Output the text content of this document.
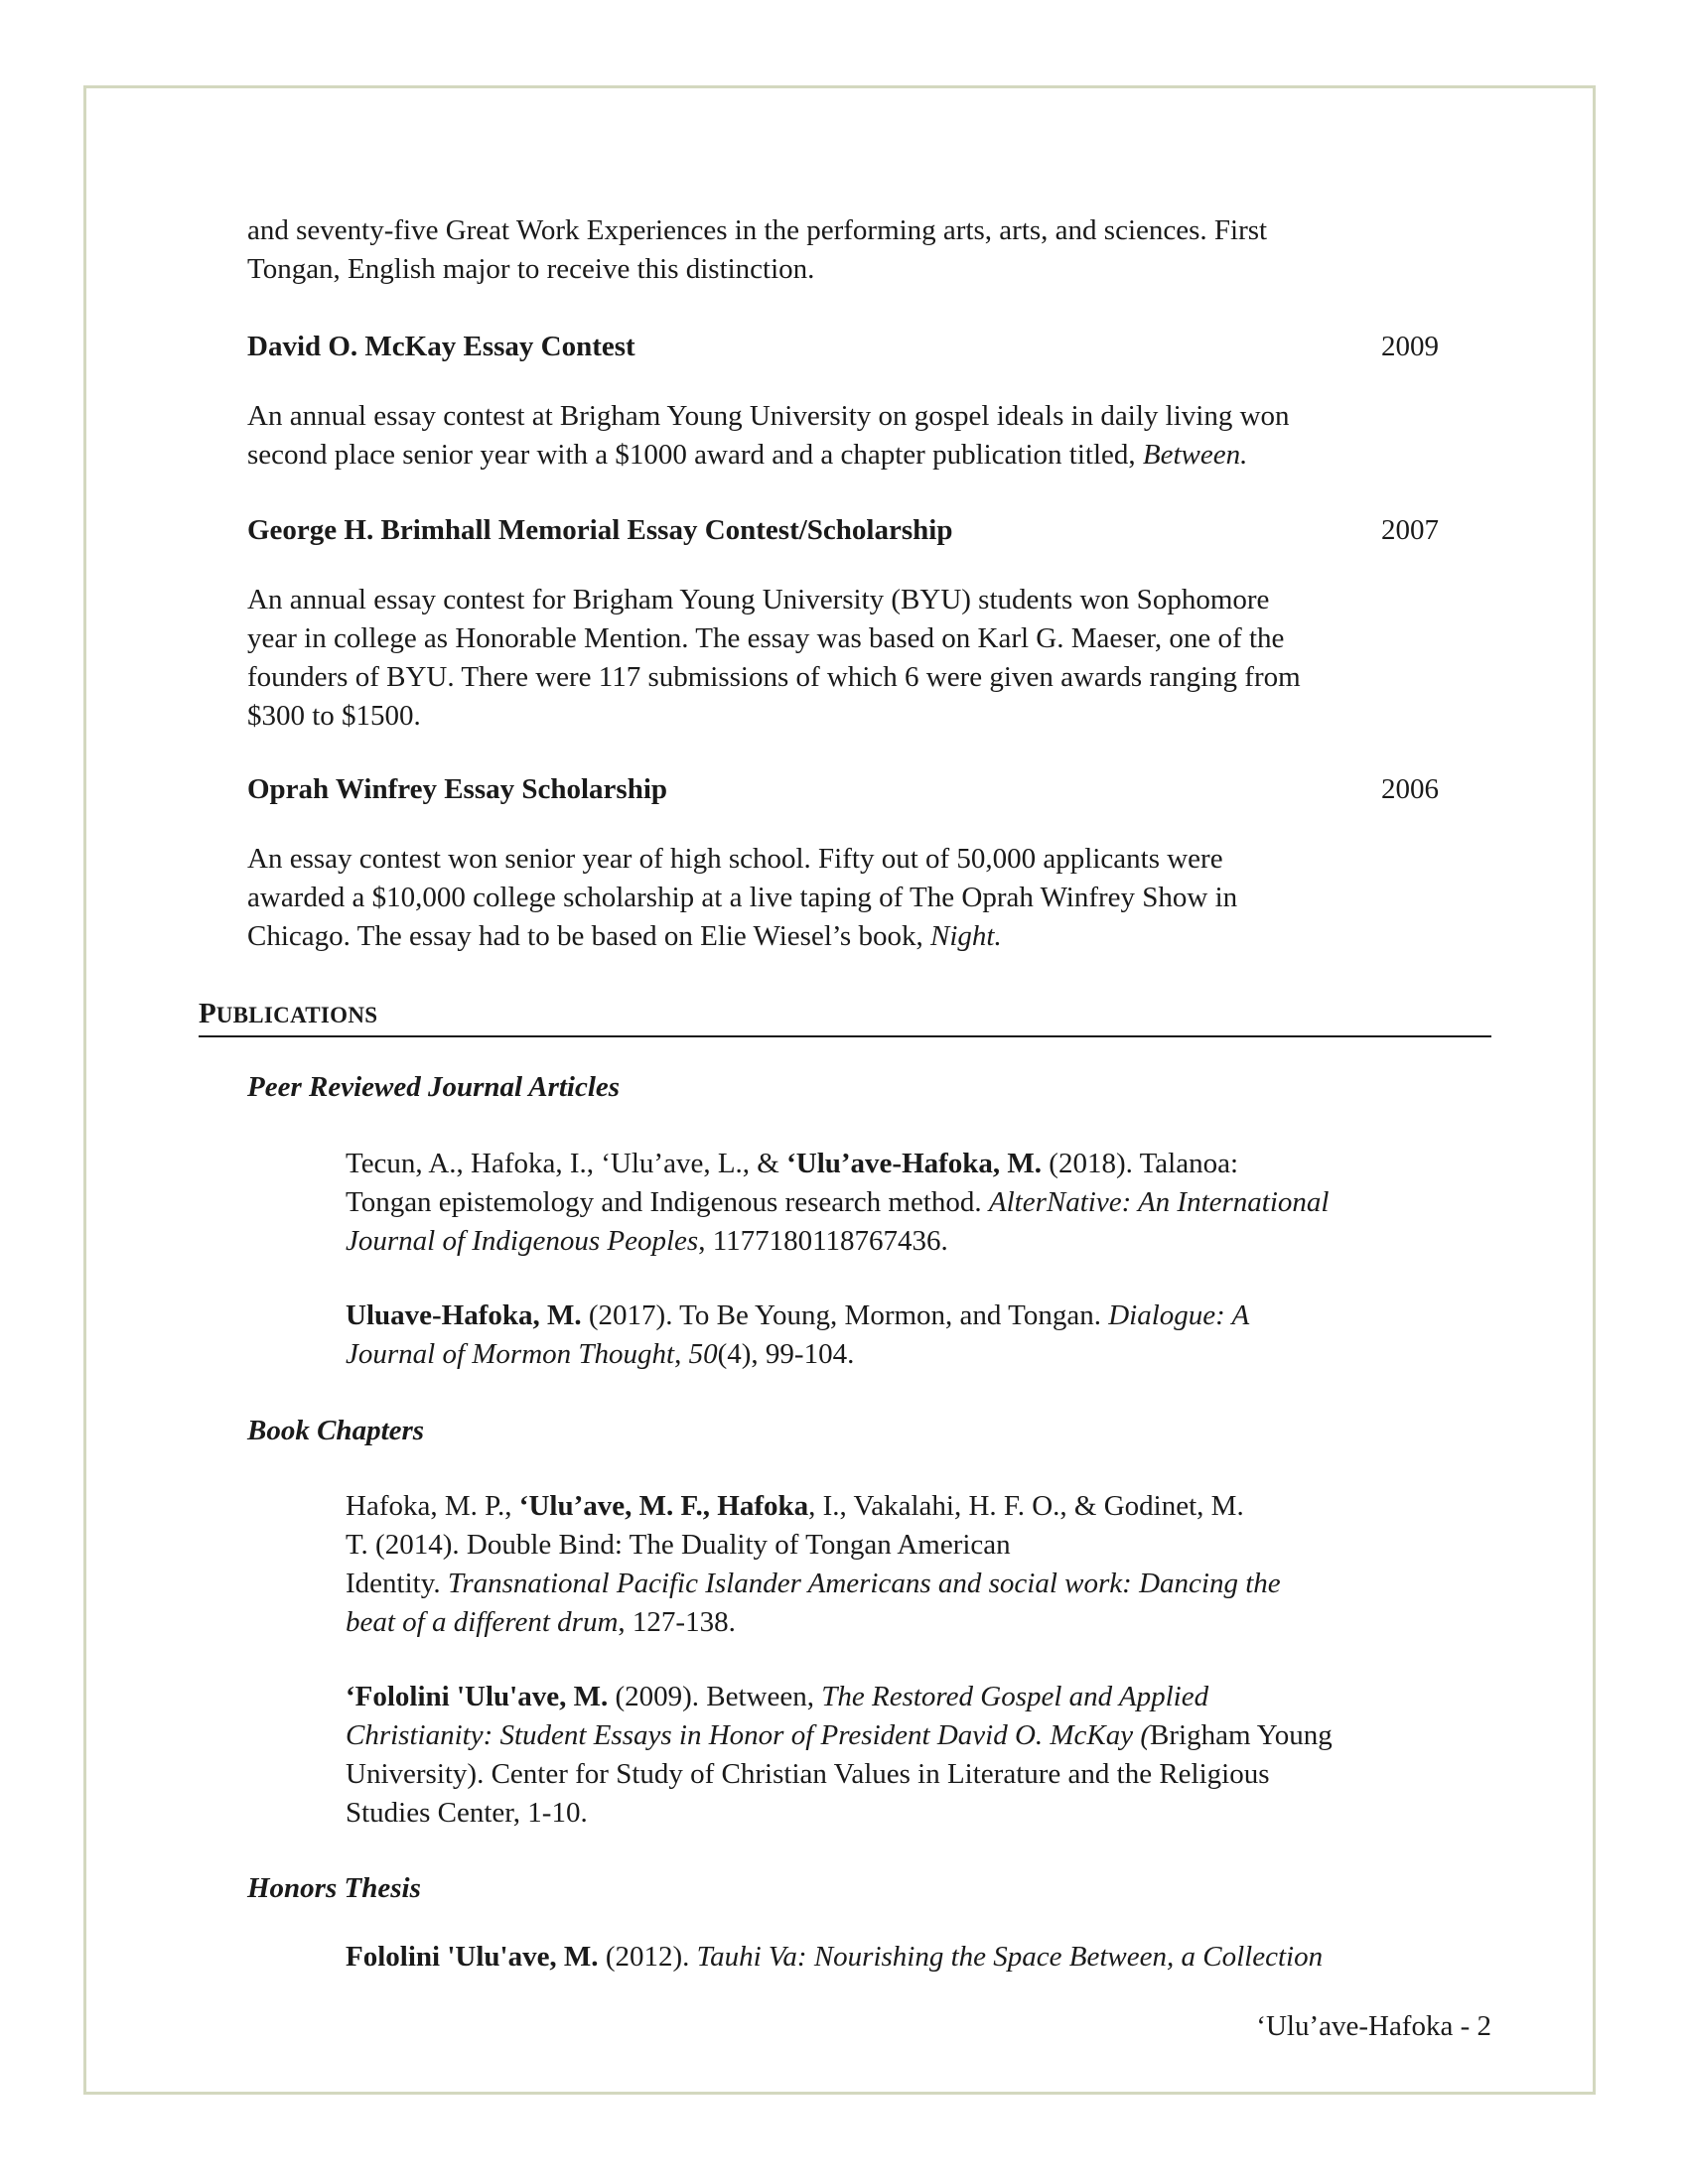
and seventy-five Great Work Experiences in the performing arts, arts, and sciences. First
Tongan, English major to receive this distinction.

David O. McKay Essay Contest	2009

An annual essay contest at Brigham Young University on gospel ideals in daily living won
second place senior year with a $1000 award and a chapter publication titled, Between.

George H. Brimhall Memorial Essay Contest/Scholarship	2007

An annual essay contest for Brigham Young University (BYU) students won Sophomore
year in college as Honorable Mention. The essay was based on Karl G. Maeser, one of the
founders of BYU. There were 117 submissions of which 6 were given awards ranging from
$300 to $1500.

Oprah Winfrey Essay Scholarship	2006

An essay contest won senior year of high school. Fifty out of 50,000 applicants were
awarded a $10,000 college scholarship at a live taping of The Oprah Winfrey Show in
Chicago. The essay had to be based on Elie Wiesel’s book, Night.

PUBLICATIONS
Peer Reviewed Journal Articles

Tecun, A., Hafoka, I., ‘Ulu’ave, L., & ‘Ulu’ave-Hafoka, M. (2018). Talanoa:
Tongan epistemology and Indigenous research method. AlterNative: An International
Journal of Indigenous Peoples, 1177180118767436.

Uluave-Hafoka, M. (2017). To Be Young, Mormon, and Tongan. Dialogue: A
Journal of Mormon Thought, 50(4), 99-104.

Book Chapters

Hafoka, M. P., ‘Ulu’ave, M. F., Hafoka, I., Vakalahi, H. F. O., & Godinet, M.
T. (2014). Double Bind: The Duality of Tongan American
Identity. Transnational Pacific Islander Americans and social work: Dancing the
beat of a different drum, 127-138.

‘Fololini 'Ulu'ave, M. (2009). Between, The Restored Gospel and Applied
Christianity: Student Essays in Honor of President David O. McKay (Brigham Young
University). Center for Study of Christian Values in Literature and the Religious
Studies Center, 1-10.

Honors Thesis

Fololini 'Ulu'ave, M. (2012). Tauhi Va: Nourishing the Space Between, a Collection

‘Ulu’ave-Hafoka - 2
